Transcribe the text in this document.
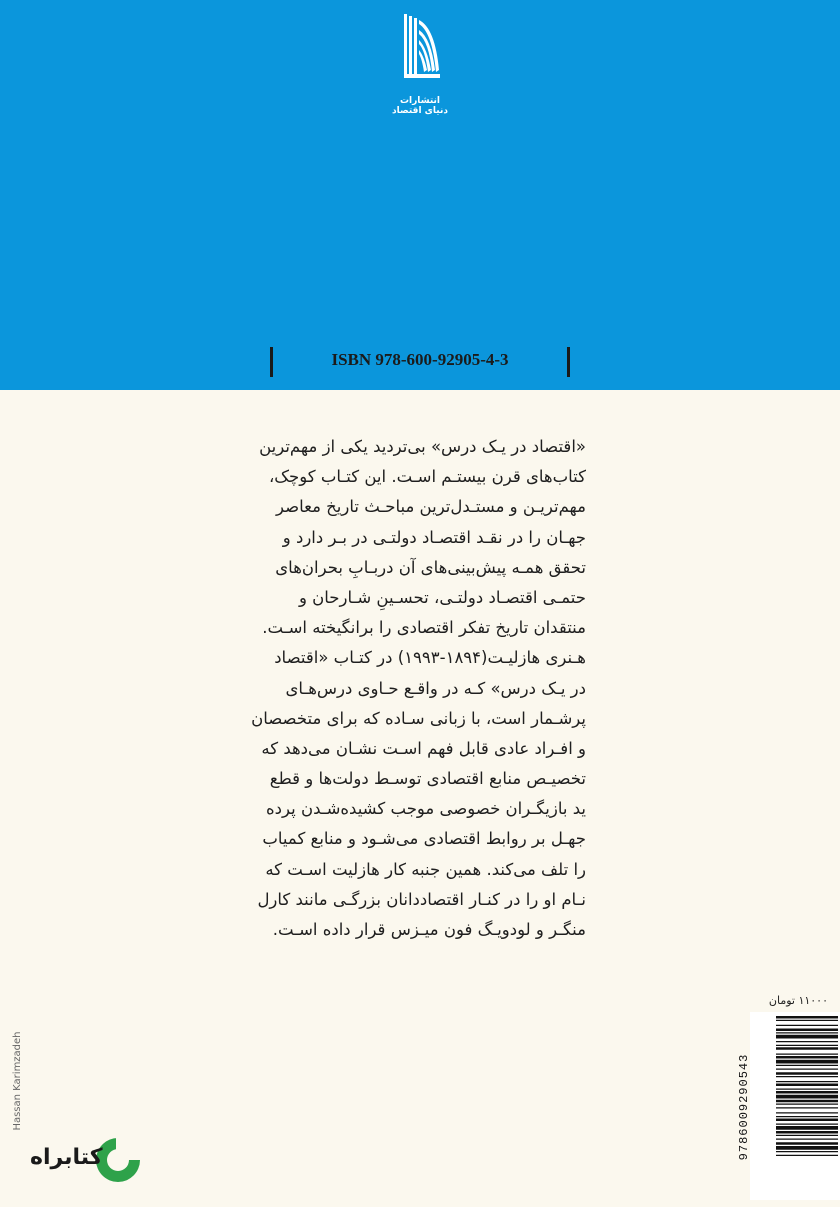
انتشارات
دنیای اقتصاد
ISBN 978-600-92905-4-3
«اقتصاد در یـک درس» بی‌تردید یکی از مهم‌ترین
کتاب‌های قرن بیستـم اسـت. این کتـاب کوچک،
مهم‌تریـن و مستـدل‌ترین مباحـث تاریخ معاصر
جهـان را در نقـد اقتصـاد دولتـی در بـر دارد و
تحقق همـه پیش‌بینی‌های آن دربـابِ بحران‌های
حتمـی اقتصـاد دولتـی، تحسـینِ شـارحان و
منتقدان تاریخ تفکر اقتصادی را برانگیخته اسـت.
هـنری هازلیـت(۱۸۹۴-۱۹۹۳) در کتـاب «اقتصاد
در یـک درس» کـه در واقـع حـاوی درس‌هـای
پرشـمار است، با زبانی سـاده که برای متخصصان
و افـراد عادی قابل فهم اسـت نشـان می‌دهد که
تخصیـص منابع اقتصادی توسـط دولت‌ها و قطع
ید بازیگـران خصوصی موجب کشیده‌شـدن پرده
جهـل بر روابط اقتصادی می‌شـود و منابع کمیاب
را تلف می‌کند. همین جنبه کار هازلیت اسـت که
نـام او را در کنـار اقتصاددانان بزرگـی مانند کارل
منگـر و لودویـگ فون میـزس قرار داده اسـت.
۱۱۰۰۰ تومان
9786009290543
Hassan Karimzadeh
کتابراه
